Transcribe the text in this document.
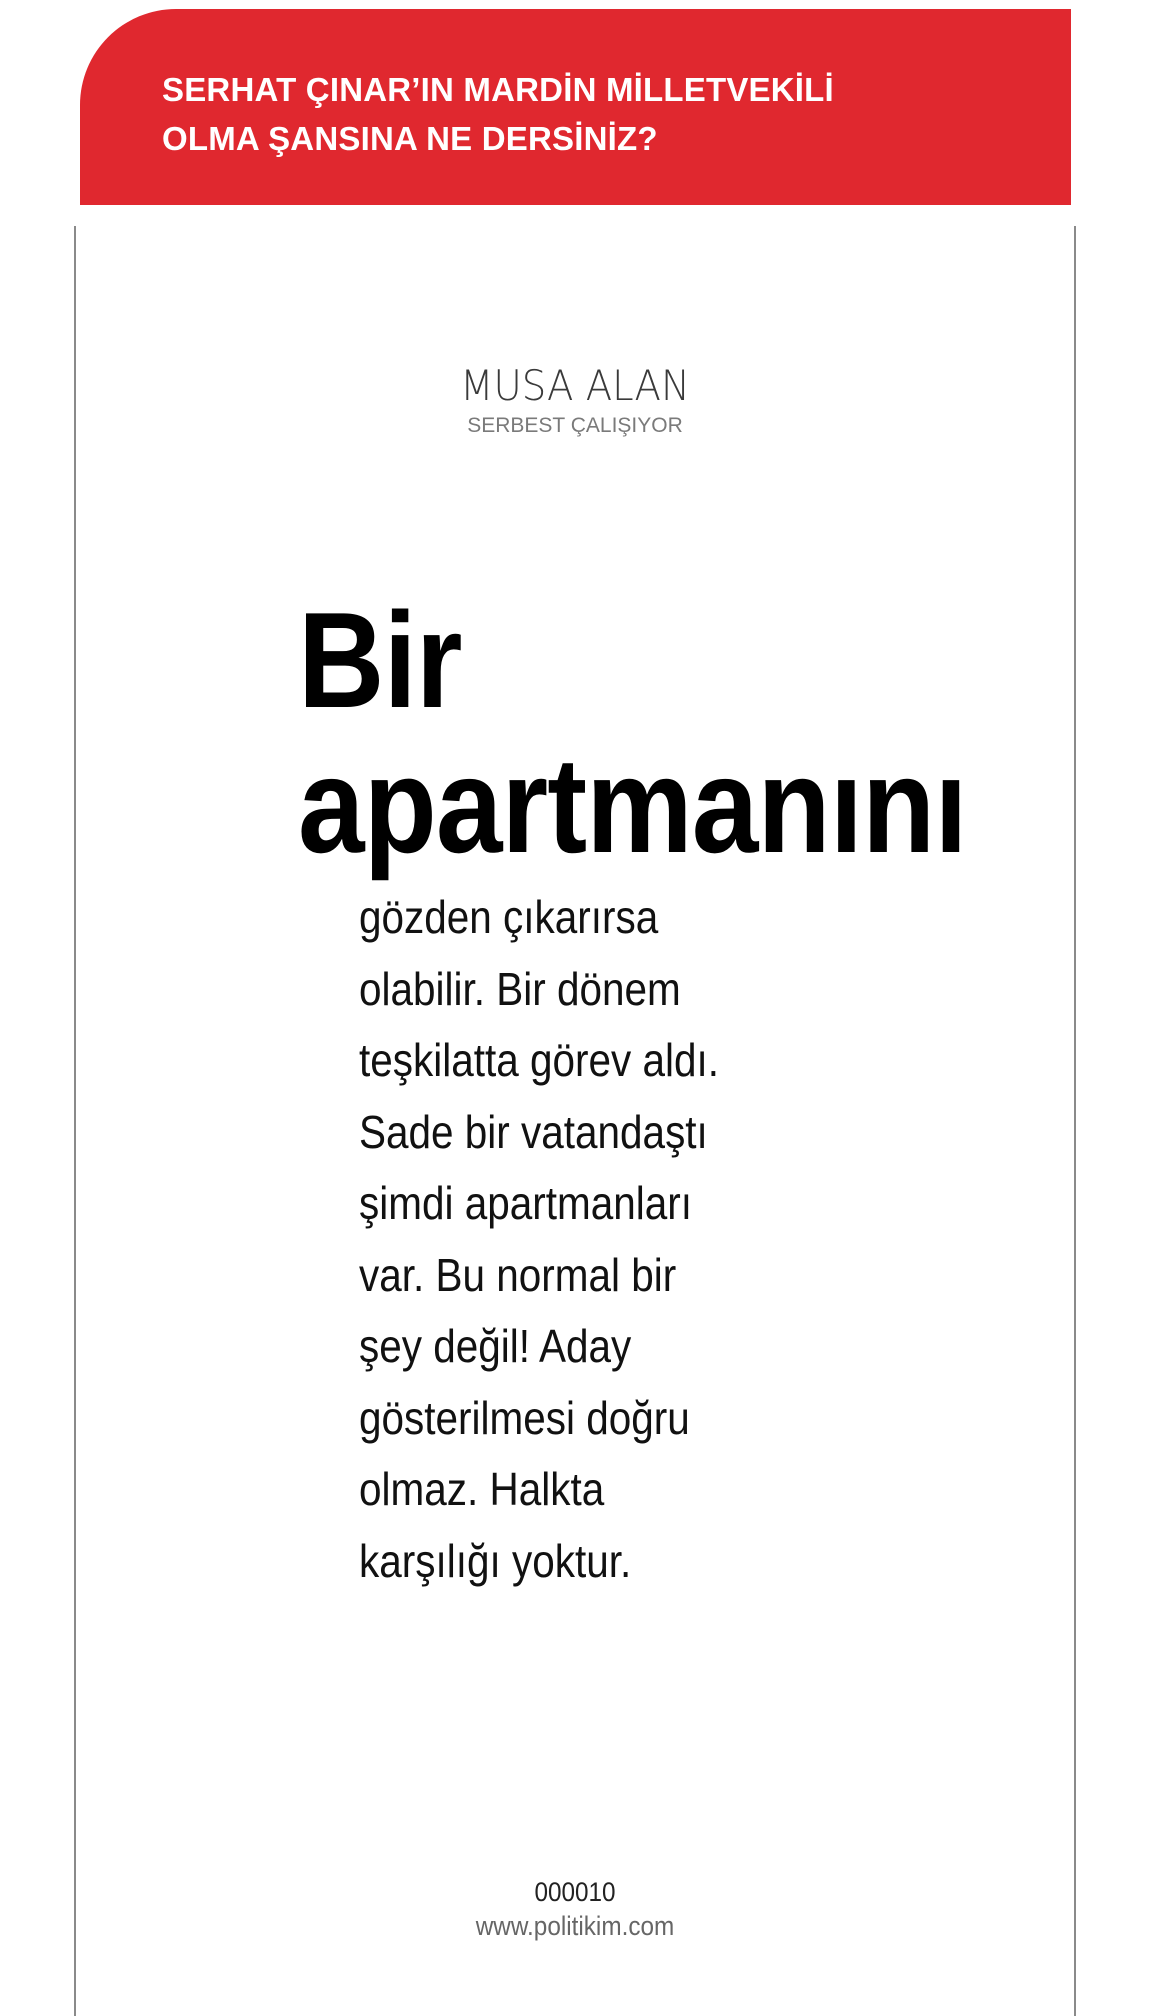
SERHAT ÇINAR’IN MARDİN MİLLETVEKİLİ

OLMA ŞANSINA NE DERSİNİZ?

MUSA ALAN
SERBEST ÇALIŞIYOR
Bir
apartmanını
gözden çıkarırsa
olabilir. Bir dönem
teşkilatta görev aldı.
Sade bir vatandaştı
şimdi apartmanları
var. Bu normal bir
şey değil! Aday
gösterilmesi doğru
olmaz. Halkta
karşılığı yoktur.
000010
www.politikim.com
